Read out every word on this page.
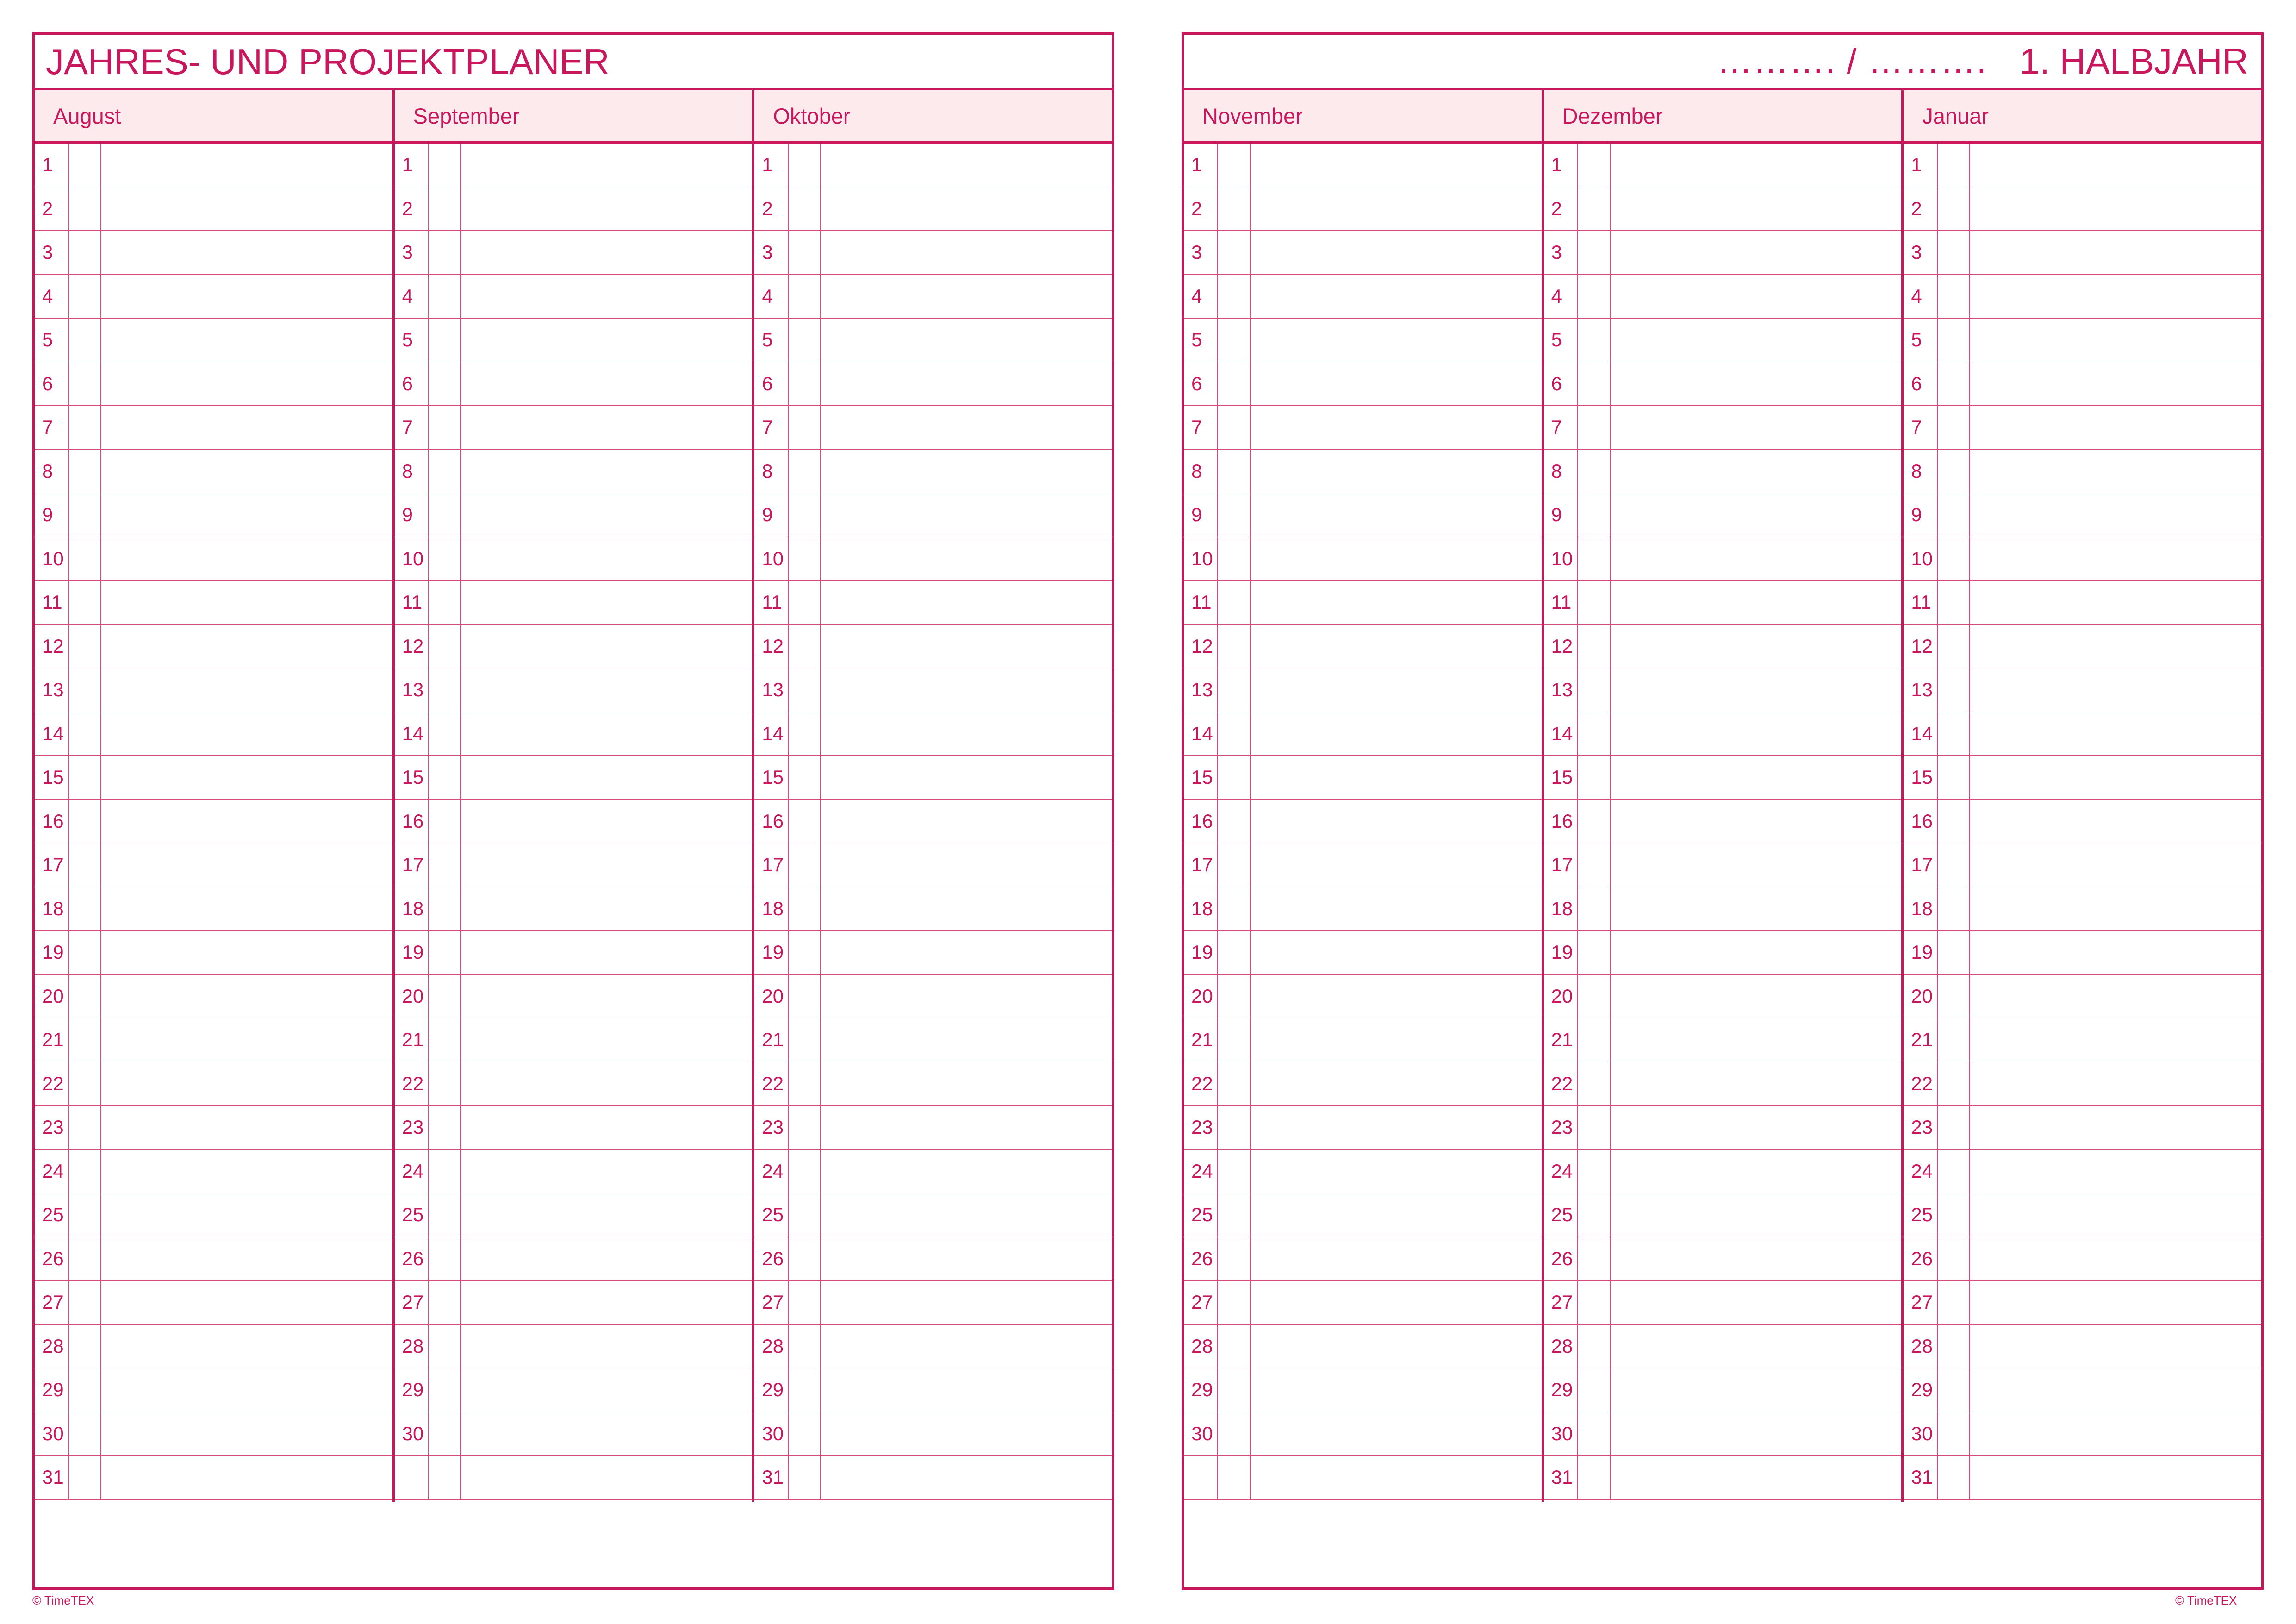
JAHRES- UND PROJEKTPLANER
August
1
2
3
4
5
6
7
8
9
10
11
12
13
14
15
16
17
18
19
20
21
22
23
24
25
26
27
28
29
30
31
September
1
2
3
4
5
6
7
8
9
10
11
12
13
14
15
16
17
18
19
20
21
22
23
24
25
26
27
28
29
30
Oktober
1
2
3
4
5
6
7
8
9
10
11
12
13
14
15
16
17
18
19
20
21
22
23
24
25
26
27
28
29
30
31
………. / ………. 1. HALBJAHR
November
1
2
3
4
5
6
7
8
9
10
11
12
13
14
15
16
17
18
19
20
21
22
23
24
25
26
27
28
29
30
Dezember
1
2
3
4
5
6
7
8
9
10
11
12
13
14
15
16
17
18
19
20
21
22
23
24
25
26
27
28
29
30
31
Januar
1
2
3
4
5
6
7
8
9
10
11
12
13
14
15
16
17
18
19
20
21
22
23
24
25
26
27
28
29
30
31
© TimeTEX	© TimeTEX
